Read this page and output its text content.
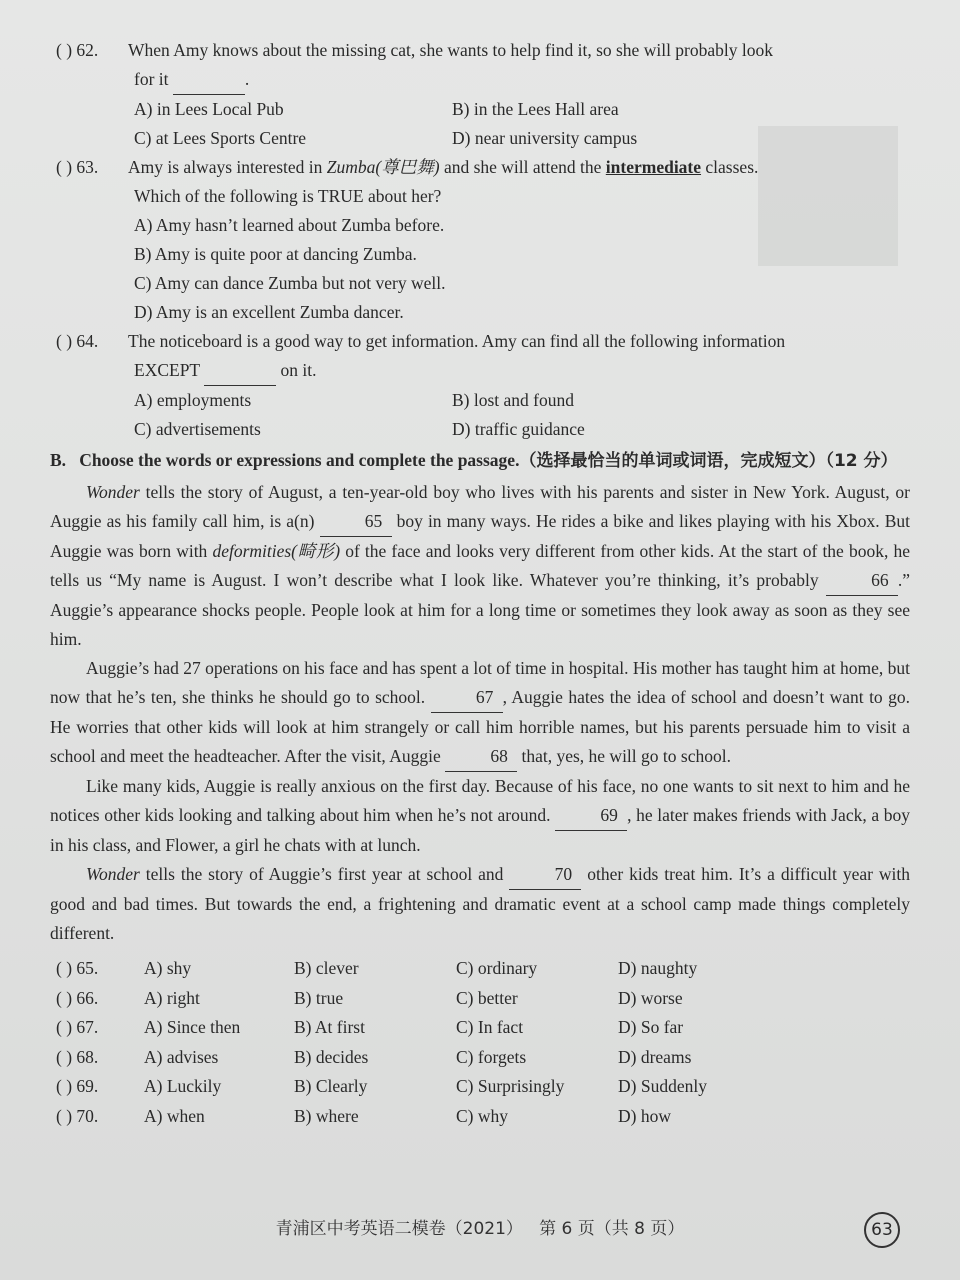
( ) 62. When Amy knows about the missing cat, she wants to help find it, so she will probably look
for it	.
A) in Lees Local Pub	B) in the Lees Hall area
C) at Lees Sports Centre	D) near university campus
( ) 63. Amy is always interested in Zumba(尊巴舞) and she will attend the intermediate classes.
Which of the following is TRUE about her?
A) Amy hasn’t learned about Zumba before.
B) Amy is quite poor at dancing Zumba.
C) Amy can dance Zumba but not very well.
D) Amy is an excellent Zumba dancer.
( ) 64. The noticeboard is a good way to get information. Amy can find all the following information
EXCEPT	on it.
A) employments	B) lost and found
C) advertisements	D) traffic guidance
B. Choose the words or expressions and complete the passage.（选择最恰当的单词或词语，完成短文）（12 分）

Wonder tells the story of August, a ten-year-old boy who lives with his parents and sister in New York. August, or Auggie as his family call him, is a(n)	65 boy in many ways. He rides a bike and likes playing with his Xbox. But Auggie was born with deformities(畸形) of the face and looks very different from other kids. At the start of the book, he tells us “My name is August. I won’t describe what I look like. Whatever you’re thinking, it’s probably	66 .” Auggie’s appearance shocks people. People look at him for a long time or sometimes they look away as soon as they see him.

Auggie’s had 27 operations on his face and has spent a lot of time in hospital. His mother has taught him at home, but now that he’s ten, she thinks he should go to school.	67 , Auggie hates the idea of school and doesn’t want to go. He worries that other kids will look at him strangely or call him horrible names, but his parents persuade him to visit a school and meet the headteacher. After the visit, Auggie	68 that, yes, he will go to school.

Like many kids, Auggie is really anxious on the first day. Because of his face, no one wants to sit next to him and he notices other kids looking and talking about him when he’s not around.	69 , he later makes friends with Jack, a boy in his class, and Flower, a girl he chats with at lunch.

Wonder tells the story of Auggie’s first year at school and	70 other kids treat him. It’s a difficult year with good and bad times. But towards the end, a frightening and dramatic event at a school camp made things completely different.

( ) 65.	A) shy	B) clever	C) ordinary	D) naughty
( ) 66.	A) right	B) true	C) better	D) worse
( ) 67.	A) Since then	B) At first	C) In fact	D) So far
( ) 68.	A) advises	B) decides	C) forgets	D) dreams
( ) 69.	A) Luckily	B) Clearly	C) Surprisingly	D) Suddenly
( ) 70.	A) when	B) where	C) why	D) how
青浦区中考英语二模卷（2021） 第 6 页（共 8 页）	63
